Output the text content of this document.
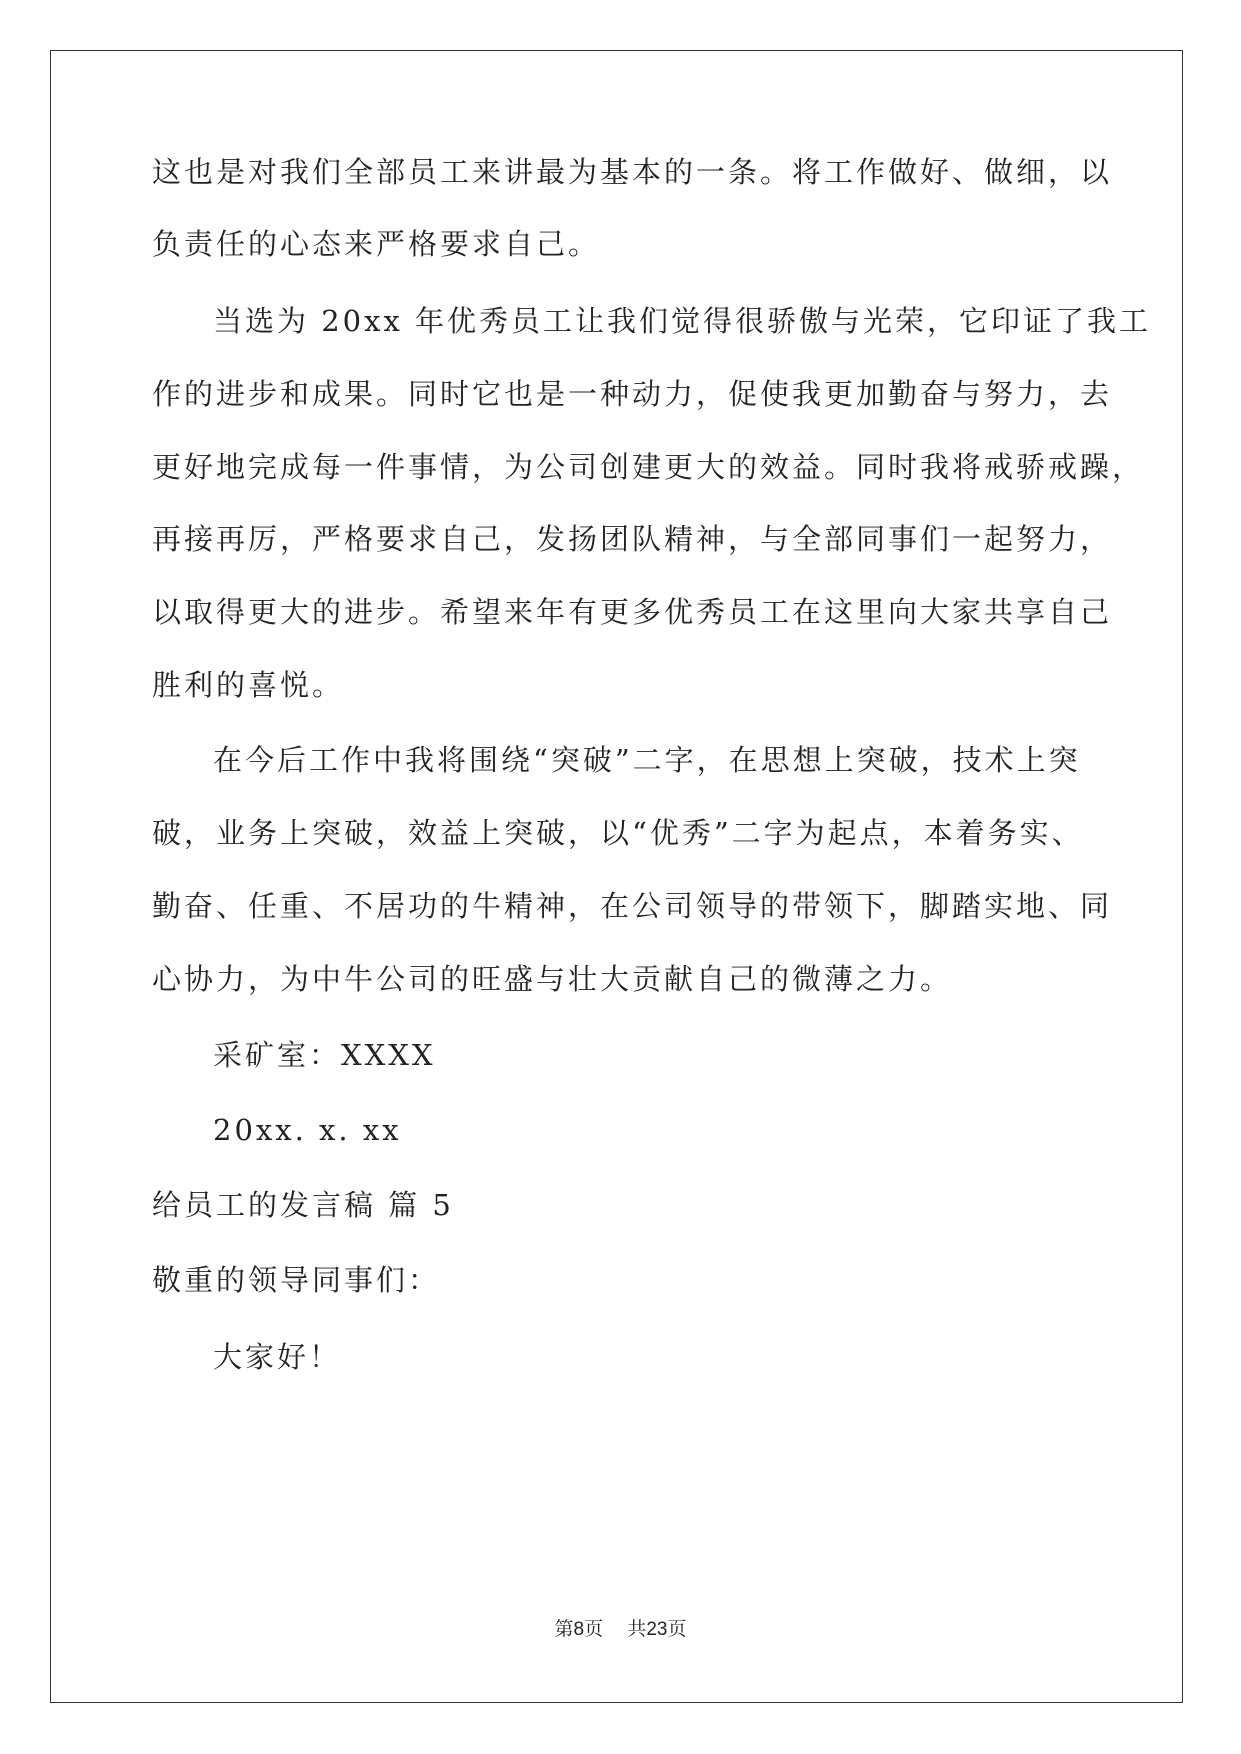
这也是对我们全部员工来讲最为基本的一条。将工作做好、做细，以
负责任的心态来严格要求自己。
当选为 20xx 年优秀员工让我们觉得很骄傲与光荣，它印证了我工
作的进步和成果。同时它也是一种动力，促使我更加勤奋与努力，去
更好地完成每一件事情，为公司创建更大的效益。同时我将戒骄戒躁，
再接再厉，严格要求自己，发扬团队精神，与全部同事们一起努力，
以取得更大的进步。希望来年有更多优秀员工在这里向大家共享自己
胜利的喜悦。
在今后工作中我将围绕“突破”二字，在思想上突破，技术上突
破，业务上突破，效益上突破，以“优秀”二字为起点，本着务实、
勤奋、任重、不居功的牛精神，在公司领导的带领下，脚踏实地、同
心协力，为中牛公司的旺盛与壮大贡献自己的微薄之力。
采矿室：XXXX
20xx. x. xx
给员工的发言稿 篇 5
敬重的领导同事们：
大家好！
第8页 共23页
